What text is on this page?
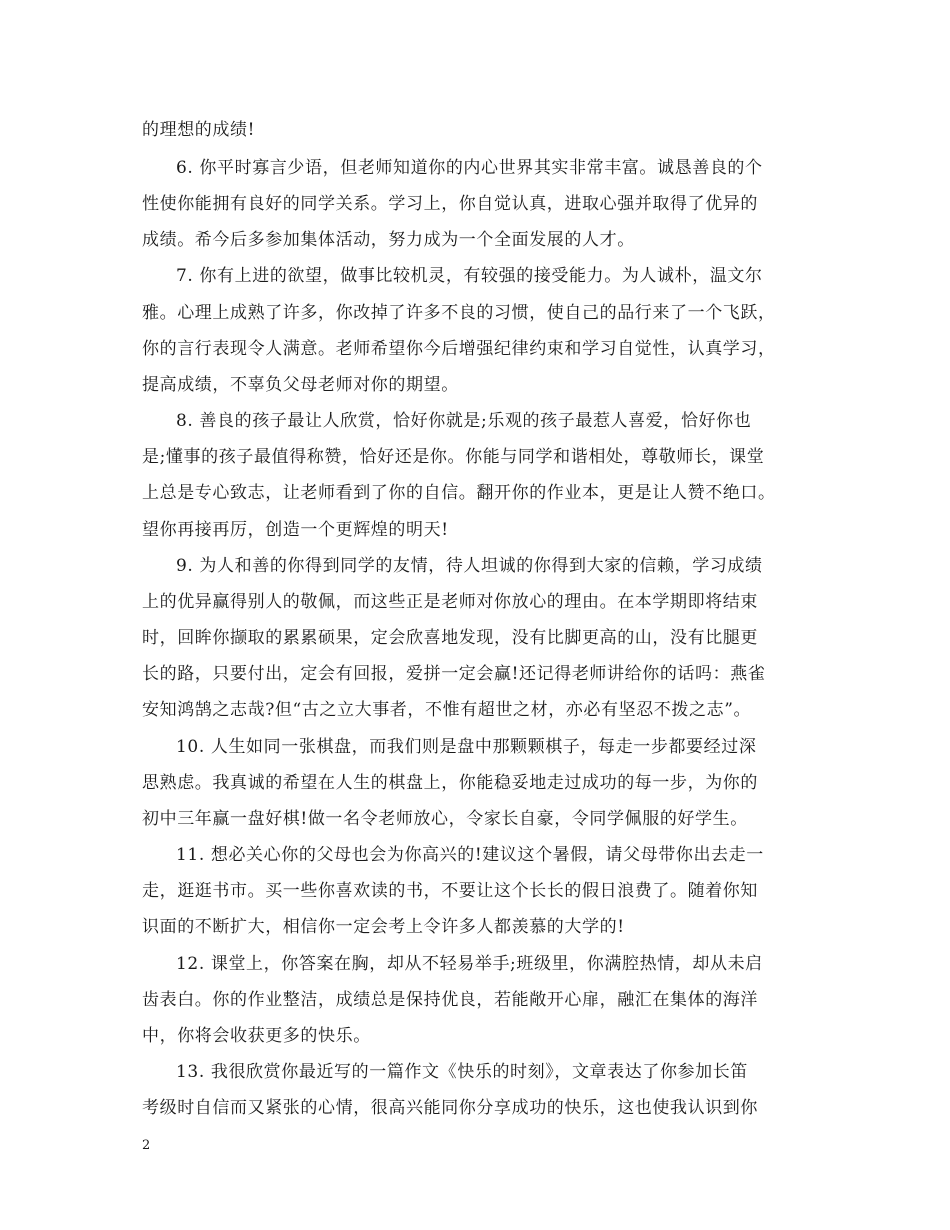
的理想的成绩!
6. 你平时寡言少语，但老师知道你的内心世界其实非常丰富。诚恳善良的个
性使你能拥有良好的同学关系。学习上，你自觉认真，进取心强并取得了优异的
成绩。希今后多参加集体活动，努力成为一个全面发展的人才。
7. 你有上进的欲望，做事比较机灵，有较强的接受能力。为人诚朴，温文尔
雅。心理上成熟了许多，你改掉了许多不良的习惯，使自己的品行来了一个飞跃，
你的言行表现令人满意。老师希望你今后增强纪律约束和学习自觉性，认真学习，
提高成绩，不辜负父母老师对你的期望。
8. 善良的孩子最让人欣赏，恰好你就是;乐观的孩子最惹人喜爱，恰好你也
是;懂事的孩子最值得称赞，恰好还是你。你能与同学和谐相处，尊敬师长，课堂
上总是专心致志，让老师看到了你的自信。翻开你的作业本，更是让人赞不绝口。
望你再接再厉，创造一个更辉煌的明天!
9. 为人和善的你得到同学的友情，待人坦诚的你得到大家的信赖，学习成绩
上的优异赢得别人的敬佩，而这些正是老师对你放心的理由。在本学期即将结束
时，回眸你撷取的累累硕果，定会欣喜地发现，没有比脚更高的山，没有比腿更
长的路，只要付出，定会有回报，爱拼一定会赢!还记得老师讲给你的话吗：燕雀
安知鸿鹄之志哉?但“古之立大事者，不惟有超世之材，亦必有坚忍不拨之志”。
10. 人生如同一张棋盘，而我们则是盘中那颗颗棋子，每走一步都要经过深
思熟虑。我真诚的希望在人生的棋盘上，你能稳妥地走过成功的每一步，为你的
初中三年赢一盘好棋!做一名令老师放心，令家长自豪，令同学佩服的好学生。
11. 想必关心你的父母也会为你高兴的!建议这个暑假，请父母带你出去走一
走，逛逛书市。买一些你喜欢读的书，不要让这个长长的假日浪费了。随着你知
识面的不断扩大，相信你一定会考上令许多人都羡慕的大学的!
12. 课堂上，你答案在胸，却从不轻易举手;班级里，你满腔热情，却从未启
齿表白。你的作业整洁，成绩总是保持优良，若能敞开心扉，融汇在集体的海洋
中，你将会收获更多的快乐。
13. 我很欣赏你最近写的一篇作文《快乐的时刻》，文章表达了你参加长笛
考级时自信而又紧张的心情，很高兴能同你分享成功的快乐，这也使我认识到你
2
